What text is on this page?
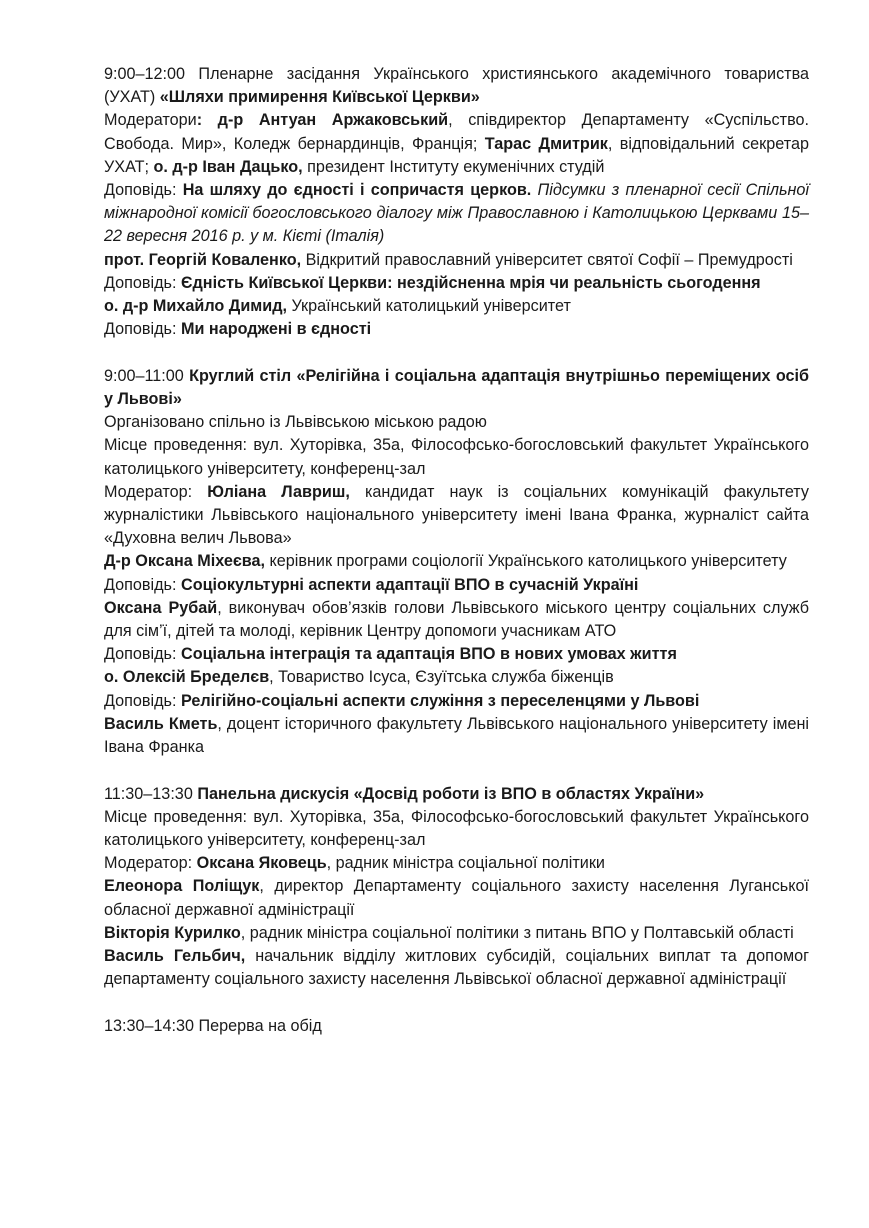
9:00–12:00 Пленарне засідання Українського християнського академічного товариства (УХАТ) «Шляхи примирення Київської Церкви»

Модератори: д-р Антуан Аржаковський, співдиректор Департаменту «Суспільство. Свобода. Мир», Коледж бернардинців, Франція; Тарас Дмитрик, відповідальний секретар УХАТ; о. д-р Іван Дацько, президент Інституту екуменічних студій

Доповідь: На шляху до єдності і сопричастя церков. Підсумки з пленарної сесії Спільної міжнародної комісії богословського діалогу між Православною і Католицькою Церквами 15–22 вересня 2016 р. у м. Кієті (Італія)

прот. Георгій Коваленко, Відкритий православний університет святої Софії – Премудрості

Доповідь: Єдність Київської Церкви: нездійсненна мрія чи реальність сьогодення

о. д-р Михайло Димид, Український католицький університет

Доповідь: Ми народжені в єдності

9:00–11:00 Круглий стіл «Релігійна і соціальна адаптація внутрішньо переміщених осіб у Львові»

Організовано спільно із Львівською міською радою

Місце проведення: вул. Хуторівка, 35а, Філософсько-богословський факультет Українського католицького університету, конференц-зал

Модератор: Юліана Лавриш, кандидат наук із соціальних комунікацій факультету журналістики Львівського національного університету імені Івана Франка, журналіст сайта «Духовна велич Львова»

Д-р Оксана Міхеєва, керівник програми соціології Українського католицького університету

Доповідь: Соціокультурні аспекти адаптації ВПО в сучасній Україні

Оксана Рубай, виконувач обов’язків голови Львівського міського центру соціальних служб для сім’ї, дітей та молоді, керівник Центру допомоги учасникам АТО

Доповідь: Соціальна інтеграція та адаптація ВПО в нових умовах життя

о. Олексій Бределєв, Товариство Ісуса, Єзуїтська служба біженців

Доповідь: Релігійно-соціальні аспекти служіння з переселенцями у Львові

Василь Кметь, доцент історичного факультету Львівського національного університету імені Івана Франка

11:30–13:30 Панельна дискусія «Досвід роботи із ВПО в областях України»

Місце проведення: вул. Хуторівка, 35а, Філософсько-богословський факультет Українського католицького університету, конференц-зал

Модератор: Оксана Яковець, радник міністра соціальної політики

Елеонора Поліщук, директор Департаменту соціального захисту населення Луганської обласної державної адміністрації

Вікторія Курилко, радник міністра соціальної політики з питань ВПО у Полтавській області

Василь Гельбич, начальник відділу житлових субсидій, соціальних виплат та допомог департаменту соціального захисту населення Львівської обласної державної адміністрації

13:30–14:30 Перерва на обід
